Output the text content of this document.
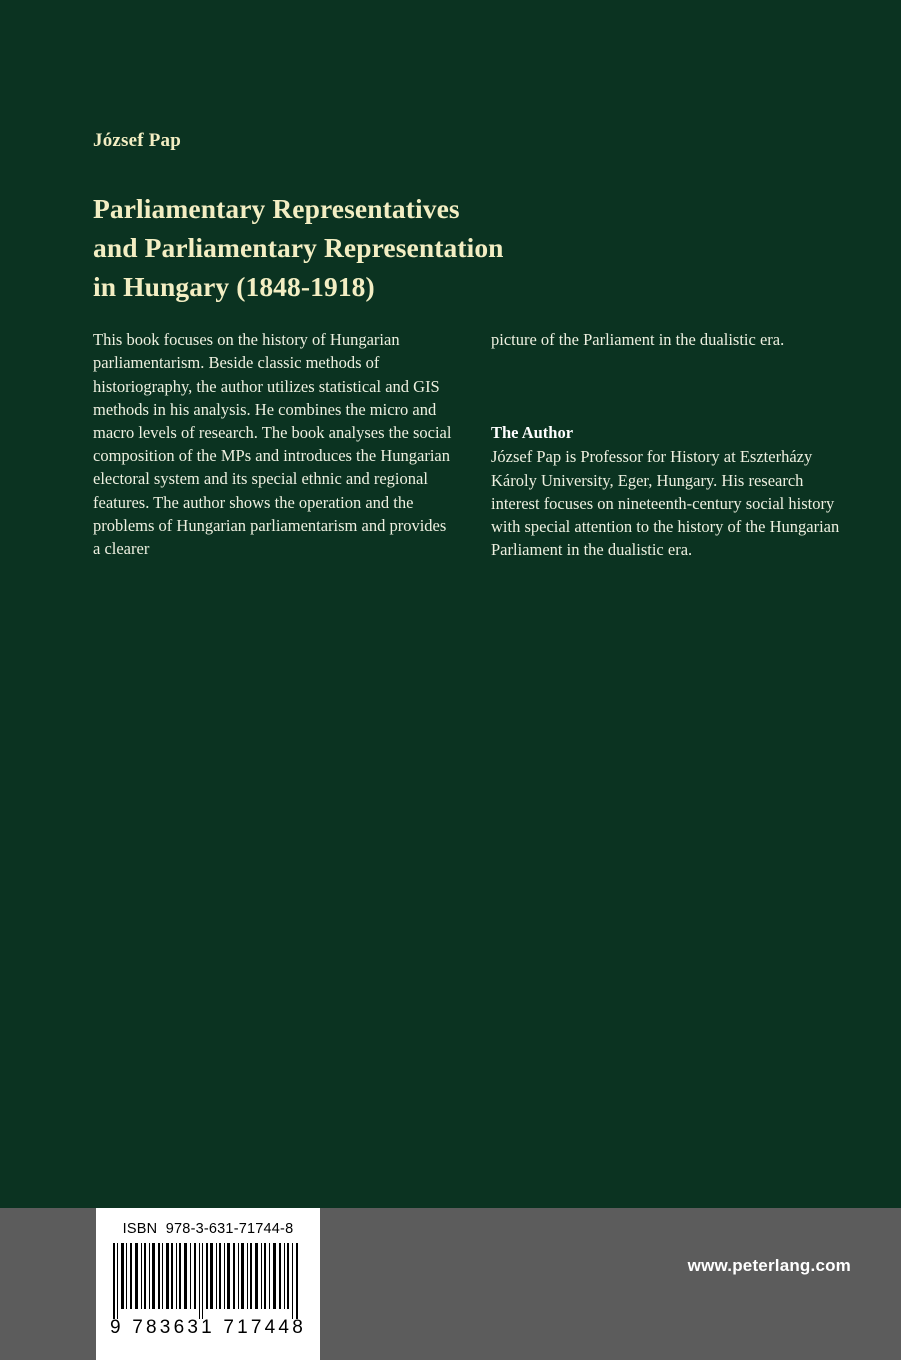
József Pap
Parliamentary Representatives
and Parliamentary Representation
in Hungary (1848-1918)

This book focuses on the history of Hungarian parliamentarism. Beside classic methods of historiography, the author utilizes statistical and GIS methods in his analysis. He combines the micro and macro levels of research. The book analyses the social composition of the MPs and introduces the Hungarian electoral system and its special ethnic and regional features. The author shows the operation and the problems of Hungarian parliamentarism and provides a clearer

picture of the Parliament in the dualistic era.

The Author

József Pap is Professor for History at Eszterházy Károly University, Eger, Hungary. His research interest focuses on nineteenth-century social history with special attention to the history of the Hungarian Parliament in the dualistic era.

www.peterlang.com
ISBN 978-3-631-71744-8
9 783631 717448
